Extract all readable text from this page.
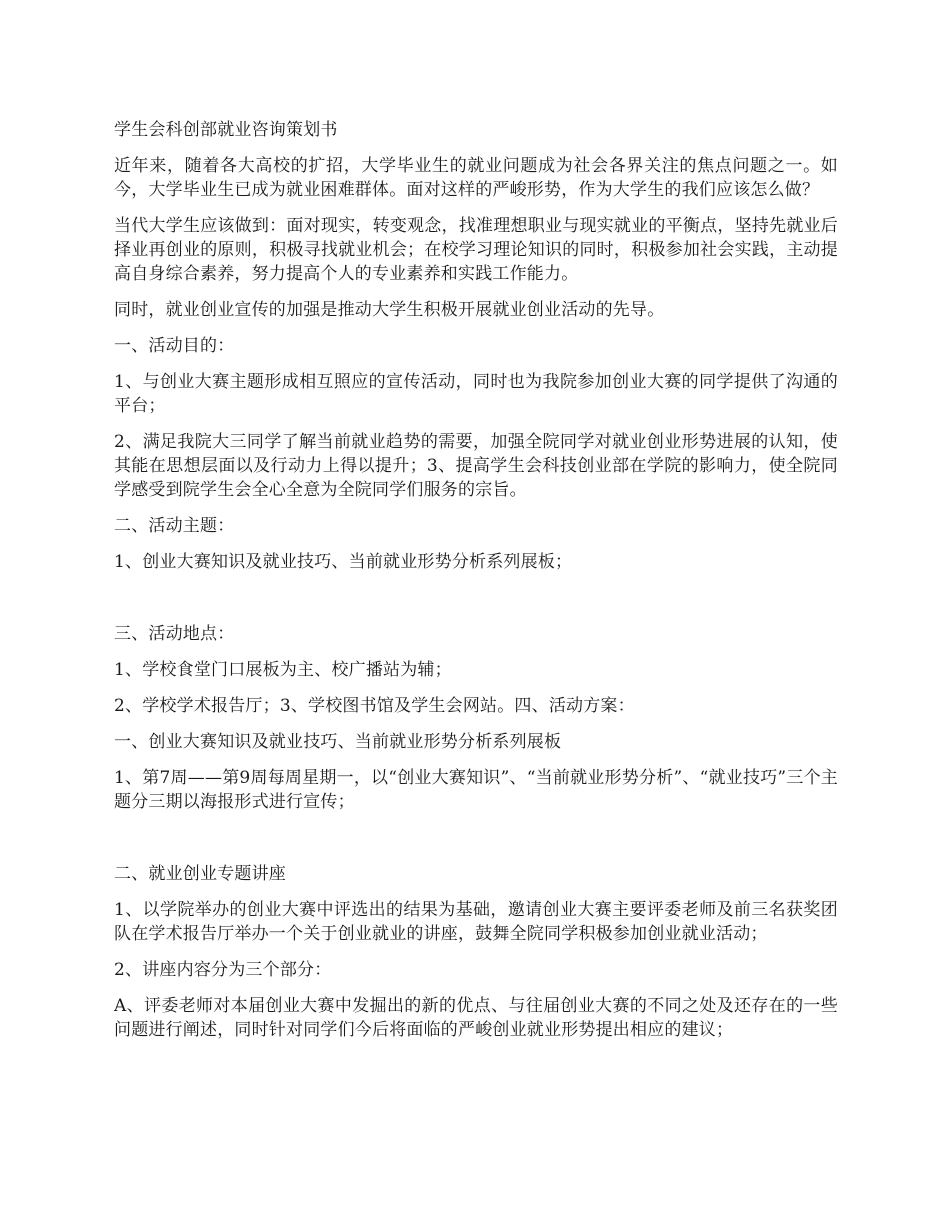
学生会科创部就业咨询策划书

近年来，随着各大高校的扩招，大学毕业生的就业问题成为社会各界关注的焦点问题之一。如今，大学毕业生已成为就业困难群体。面对这样的严峻形势，作为大学生的我们应该怎么做？

当代大学生应该做到：面对现实，转变观念，找准理想职业与现实就业的平衡点，坚持先就业后择业再创业的原则，积极寻找就业机会；在校学习理论知识的同时，积极参加社会实践，主动提高自身综合素养，努力提高个人的专业素养和实践工作能力。

同时，就业创业宣传的加强是推动大学生积极开展就业创业活动的先导。

一、活动目的：

1、与创业大赛主题形成相互照应的宣传活动，同时也为我院参加创业大赛的同学提供了沟通的平台；

2、满足我院大三同学了解当前就业趋势的需要，加强全院同学对就业创业形势进展的认知，使其能在思想层面以及行动力上得以提升；3、提高学生会科技创业部在学院的影响力，使全院同学感受到院学生会全心全意为全院同学们服务的宗旨。

二、活动主题：

1、创业大赛知识及就业技巧、当前就业形势分析系列展板；

三、活动地点：

1、学校食堂门口展板为主、校广播站为辅；

2、学校学术报告厅；3、学校图书馆及学生会网站。四、活动方案：

一、创业大赛知识及就业技巧、当前就业形势分析系列展板

1、第7周——第9周每周星期一，以“创业大赛知识”、“当前就业形势分析”、“就业技巧”三个主题分三期以海报形式进行宣传；

二、就业创业专题讲座

1、以学院举办的创业大赛中评选出的结果为基础，邀请创业大赛主要评委老师及前三名获奖团队在学术报告厅举办一个关于创业就业的讲座，鼓舞全院同学积极参加创业就业活动；

2、讲座内容分为三个部分：

A、评委老师对本届创业大赛中发掘出的新的优点、与往届创业大赛的不同之处及还存在的一些问题进行阐述，同时针对同学们今后将面临的严峻创业就业形势提出相应的建议；
